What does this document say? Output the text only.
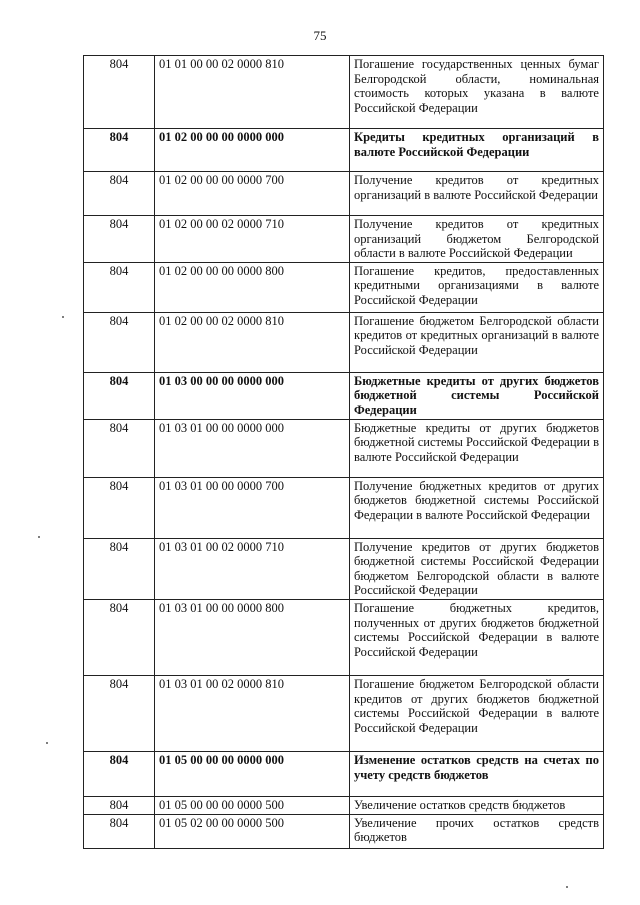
75
804	01 01 00 00 02 0000 810	Погашение государственных ценных бумаг Белгородской области, номинальная стоимость которых указана в валюте Российской Федерации
804	01 02 00 00 00 0000 000	Кредиты кредитных организаций в валюте Российской Федерации
804	01 02 00 00 00 0000 700	Получение кредитов от кредитных организаций в валюте Российской Федерации
804	01 02 00 00 02 0000 710	Получение кредитов от кредитных организаций бюджетом Белгородской области в валюте Российской Федерации
804	01 02 00 00 00 0000 800	Погашение кредитов, предоставленных кредитными организациями в валюте Российской Федерации
804	01 02 00 00 02 0000 810	Погашение бюджетом Белгородской области кредитов от кредитных организаций в валюте Российской Федерации
804	01 03 00 00 00 0000 000	Бюджетные кредиты от других бюджетов бюджетной системы Российской Федерации
804	01 03 01 00 00 0000 000	Бюджетные кредиты от других бюджетов бюджетной системы Российской Федерации в валюте Российской Федерации
804	01 03 01 00 00 0000 700	Получение бюджетных кредитов от других бюджетов бюджетной системы Российской Федерации в валюте Российской Федерации
804	01 03 01 00 02 0000 710	Получение кредитов от других бюджетов бюджетной системы Российской Федерации бюджетом Белгородской области в валюте Российской Федерации
804	01 03 01 00 00 0000 800	Погашение бюджетных кредитов, полученных от других бюджетов бюджетной системы Российской Федерации в валюте Российской Федерации
804	01 03 01 00 02 0000 810	Погашение бюджетом Белгородской области кредитов от других бюджетов бюджетной системы Российской Федерации в валюте Российской Федерации
804	01 05 00 00 00 0000 000	Изменение остатков средств на счетах по учету средств бюджетов
804	01 05 00 00 00 0000 500	Увеличение остатков средств бюджетов
804	01 05 02 00 00 0000 500	Увеличение прочих остатков средств бюджетов
